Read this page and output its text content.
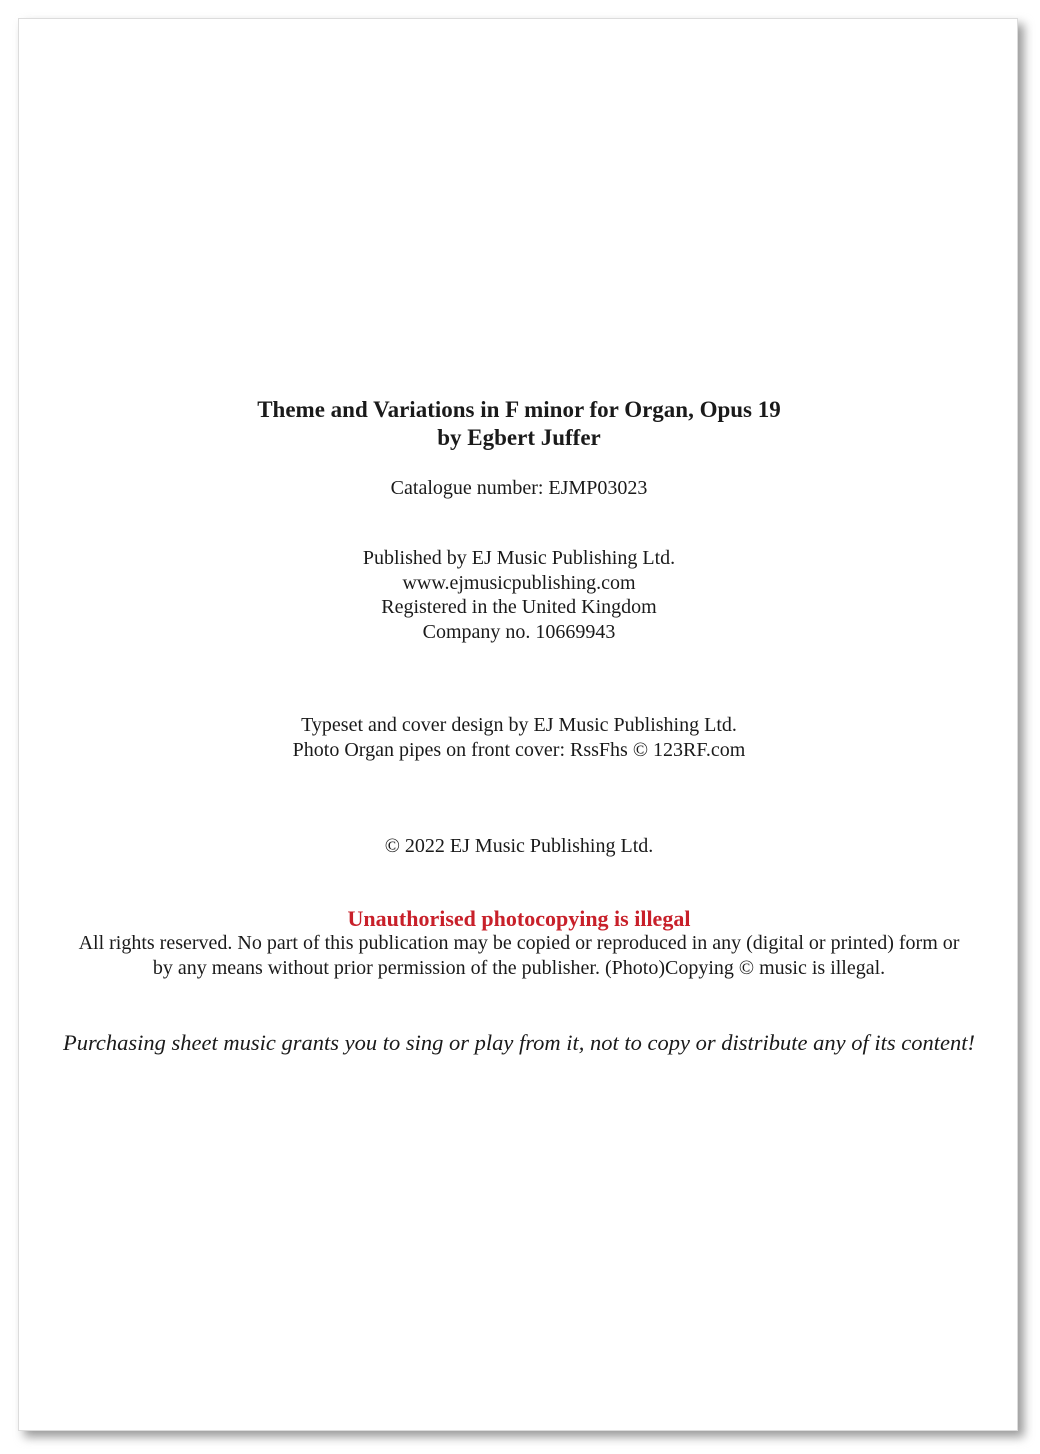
Theme and Variations in F minor for Organ, Opus 19
by Egbert Juffer
Catalogue number: EJMP03023
Published by EJ Music Publishing Ltd.
www.ejmusicpublishing.com
Registered in the United Kingdom
Company no. 10669943
Typeset and cover design by EJ Music Publishing Ltd.
Photo Organ pipes on front cover: RssFhs © 123RF.com
© 2022 EJ Music Publishing Ltd.
Unauthorised photocopying is illegal
All rights reserved. No part of this publication may be copied or reproduced in any (digital or printed) form or
by any means without prior permission of the publisher. (Photo)Copying © music is illegal.
Purchasing sheet music grants you to sing or play from it, not to copy or distribute any of its content!
